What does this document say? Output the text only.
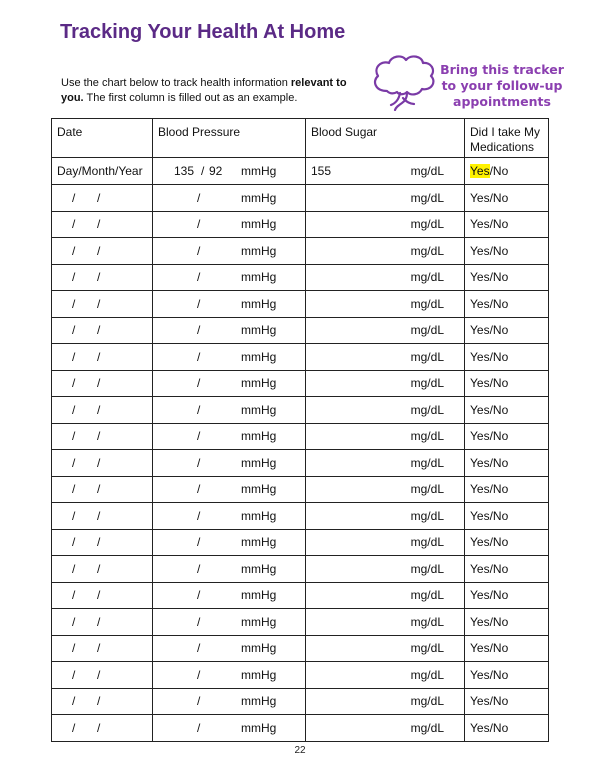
Tracking Your Health At Home
Use the chart below to track health information relevant to
you. The first column is filled out as an example.
Bring this tracker to your follow-up appointments
Date	Blood Pressure	Blood Sugar	Did I take My Medications
Day/Month/Year	135 / 92 mmHg	155 mg/dL	Yes/No
/ /	/ mmHg	mg/dL	Yes/No
/ /	/ mmHg	mg/dL	Yes/No
/ /	/ mmHg	mg/dL	Yes/No
/ /	/ mmHg	mg/dL	Yes/No
/ /	/ mmHg	mg/dL	Yes/No
/ /	/ mmHg	mg/dL	Yes/No
/ /	/ mmHg	mg/dL	Yes/No
/ /	/ mmHg	mg/dL	Yes/No
/ /	/ mmHg	mg/dL	Yes/No
/ /	/ mmHg	mg/dL	Yes/No
/ /	/ mmHg	mg/dL	Yes/No
/ /	/ mmHg	mg/dL	Yes/No
/ /	/ mmHg	mg/dL	Yes/No
/ /	/ mmHg	mg/dL	Yes/No
/ /	/ mmHg	mg/dL	Yes/No
/ /	/ mmHg	mg/dL	Yes/No
/ /	/ mmHg	mg/dL	Yes/No
/ /	/ mmHg	mg/dL	Yes/No
/ /	/ mmHg	mg/dL	Yes/No
/ /	/ mmHg	mg/dL	Yes/No
/ /	/ mmHg	mg/dL	Yes/No
22
